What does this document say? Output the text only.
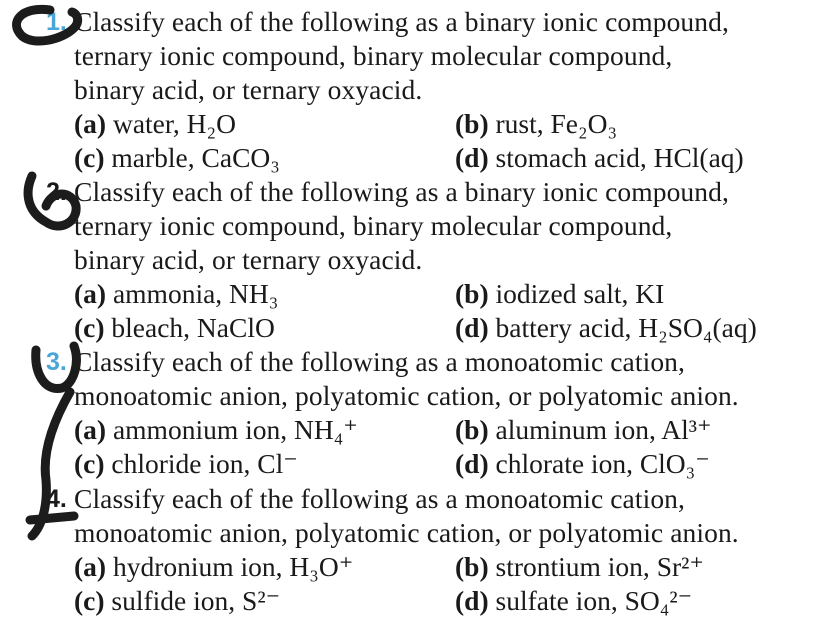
1. Classify each of the following as a binary ionic compound,
ternary ionic compound, binary molecular compound,
binary acid, or ternary oxyacid.
(a) water, H₂O	(b) rust, Fe₂O₃
(c) marble, CaCO₃	(d) stomach acid, HCl(aq)
2. Classify each of the following as a binary ionic compound,
ternary ionic compound, binary molecular compound,
binary acid, or ternary oxyacid.
(a) ammonia, NH₃	(b) iodized salt, KI
(c) bleach, NaClO	(d) battery acid, H₂SO₄(aq)
3. Classify each of the following as a monoatomic cation,
monoatomic anion, polyatomic cation, or polyatomic anion.
(a) ammonium ion, NH₄⁺	(b) aluminum ion, Al³⁺
(c) chloride ion, Cl⁻	(d) chlorate ion, ClO₃⁻
4. Classify each of the following as a monoatomic cation,
monoatomic anion, polyatomic cation, or polyatomic anion.
(a) hydronium ion, H₃O⁺	(b) strontium ion, Sr²⁺
(c) sulfide ion, S²⁻	(d) sulfate ion, SO₄²⁻
